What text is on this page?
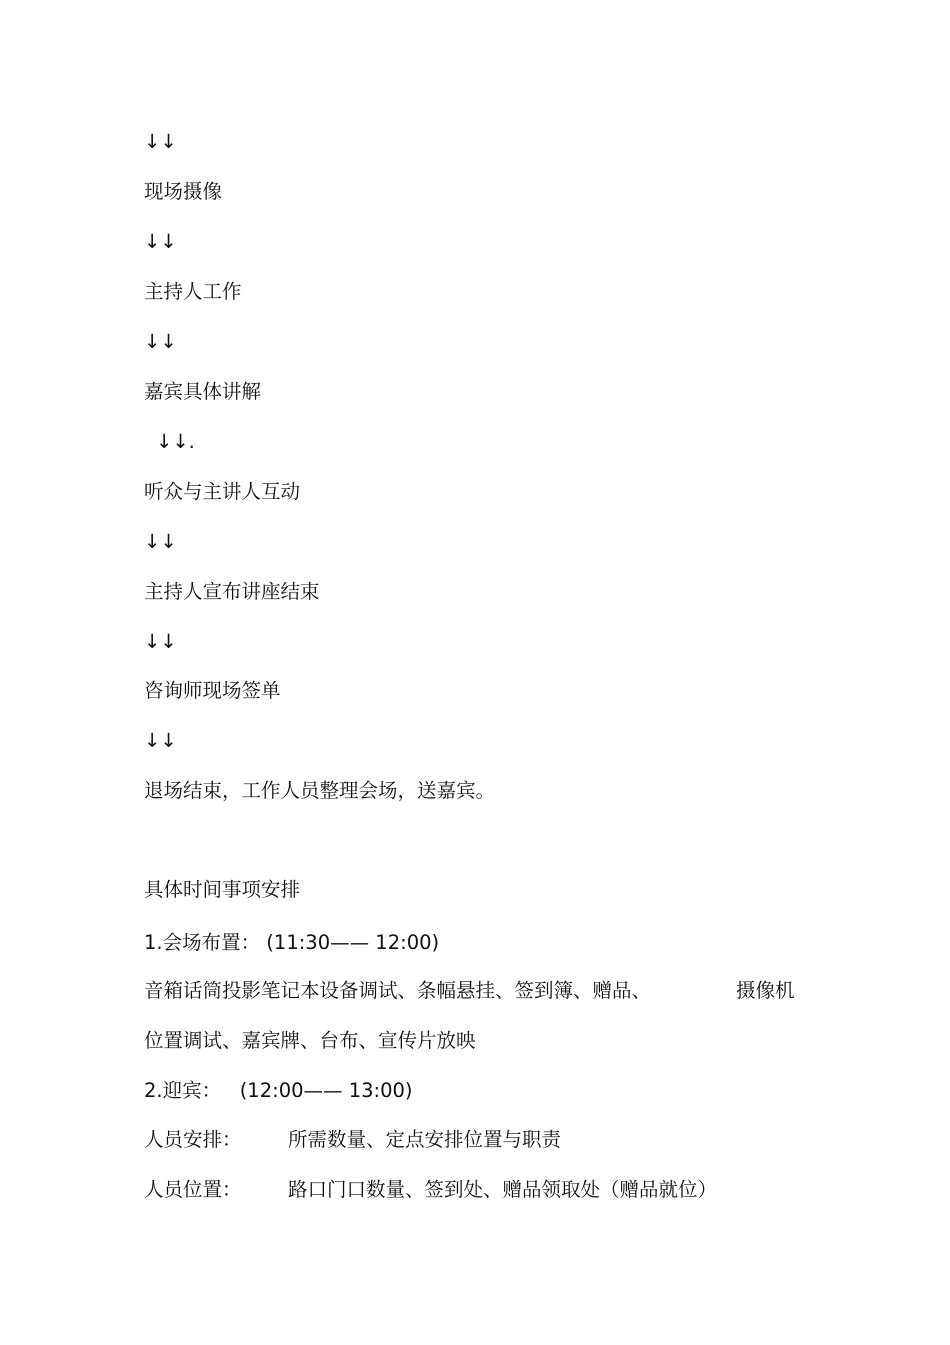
↓↓
现场摄像
↓↓
主持人工作
↓↓
嘉宾具体讲解
↓↓.
听众与主讲人互动
↓↓
主持人宣布讲座结束
↓↓
咨询师现场签单
↓↓
退场结束，工作人员整理会场，送嘉宾。
具体时间事项安排
1.会场布置： (11:30—— 12:00)
音箱话筒投影笔记本设备调试、条幅悬挂、签到簿、赠品、	摄像机
位置调试、嘉宾牌、台布、宣传片放映
2.迎宾：   (12:00—— 13:00)
人员安排： 所需数量、定点安排位置与职责
人员位置： 路口门口数量、签到处、赠品领取处（赠品就位）
